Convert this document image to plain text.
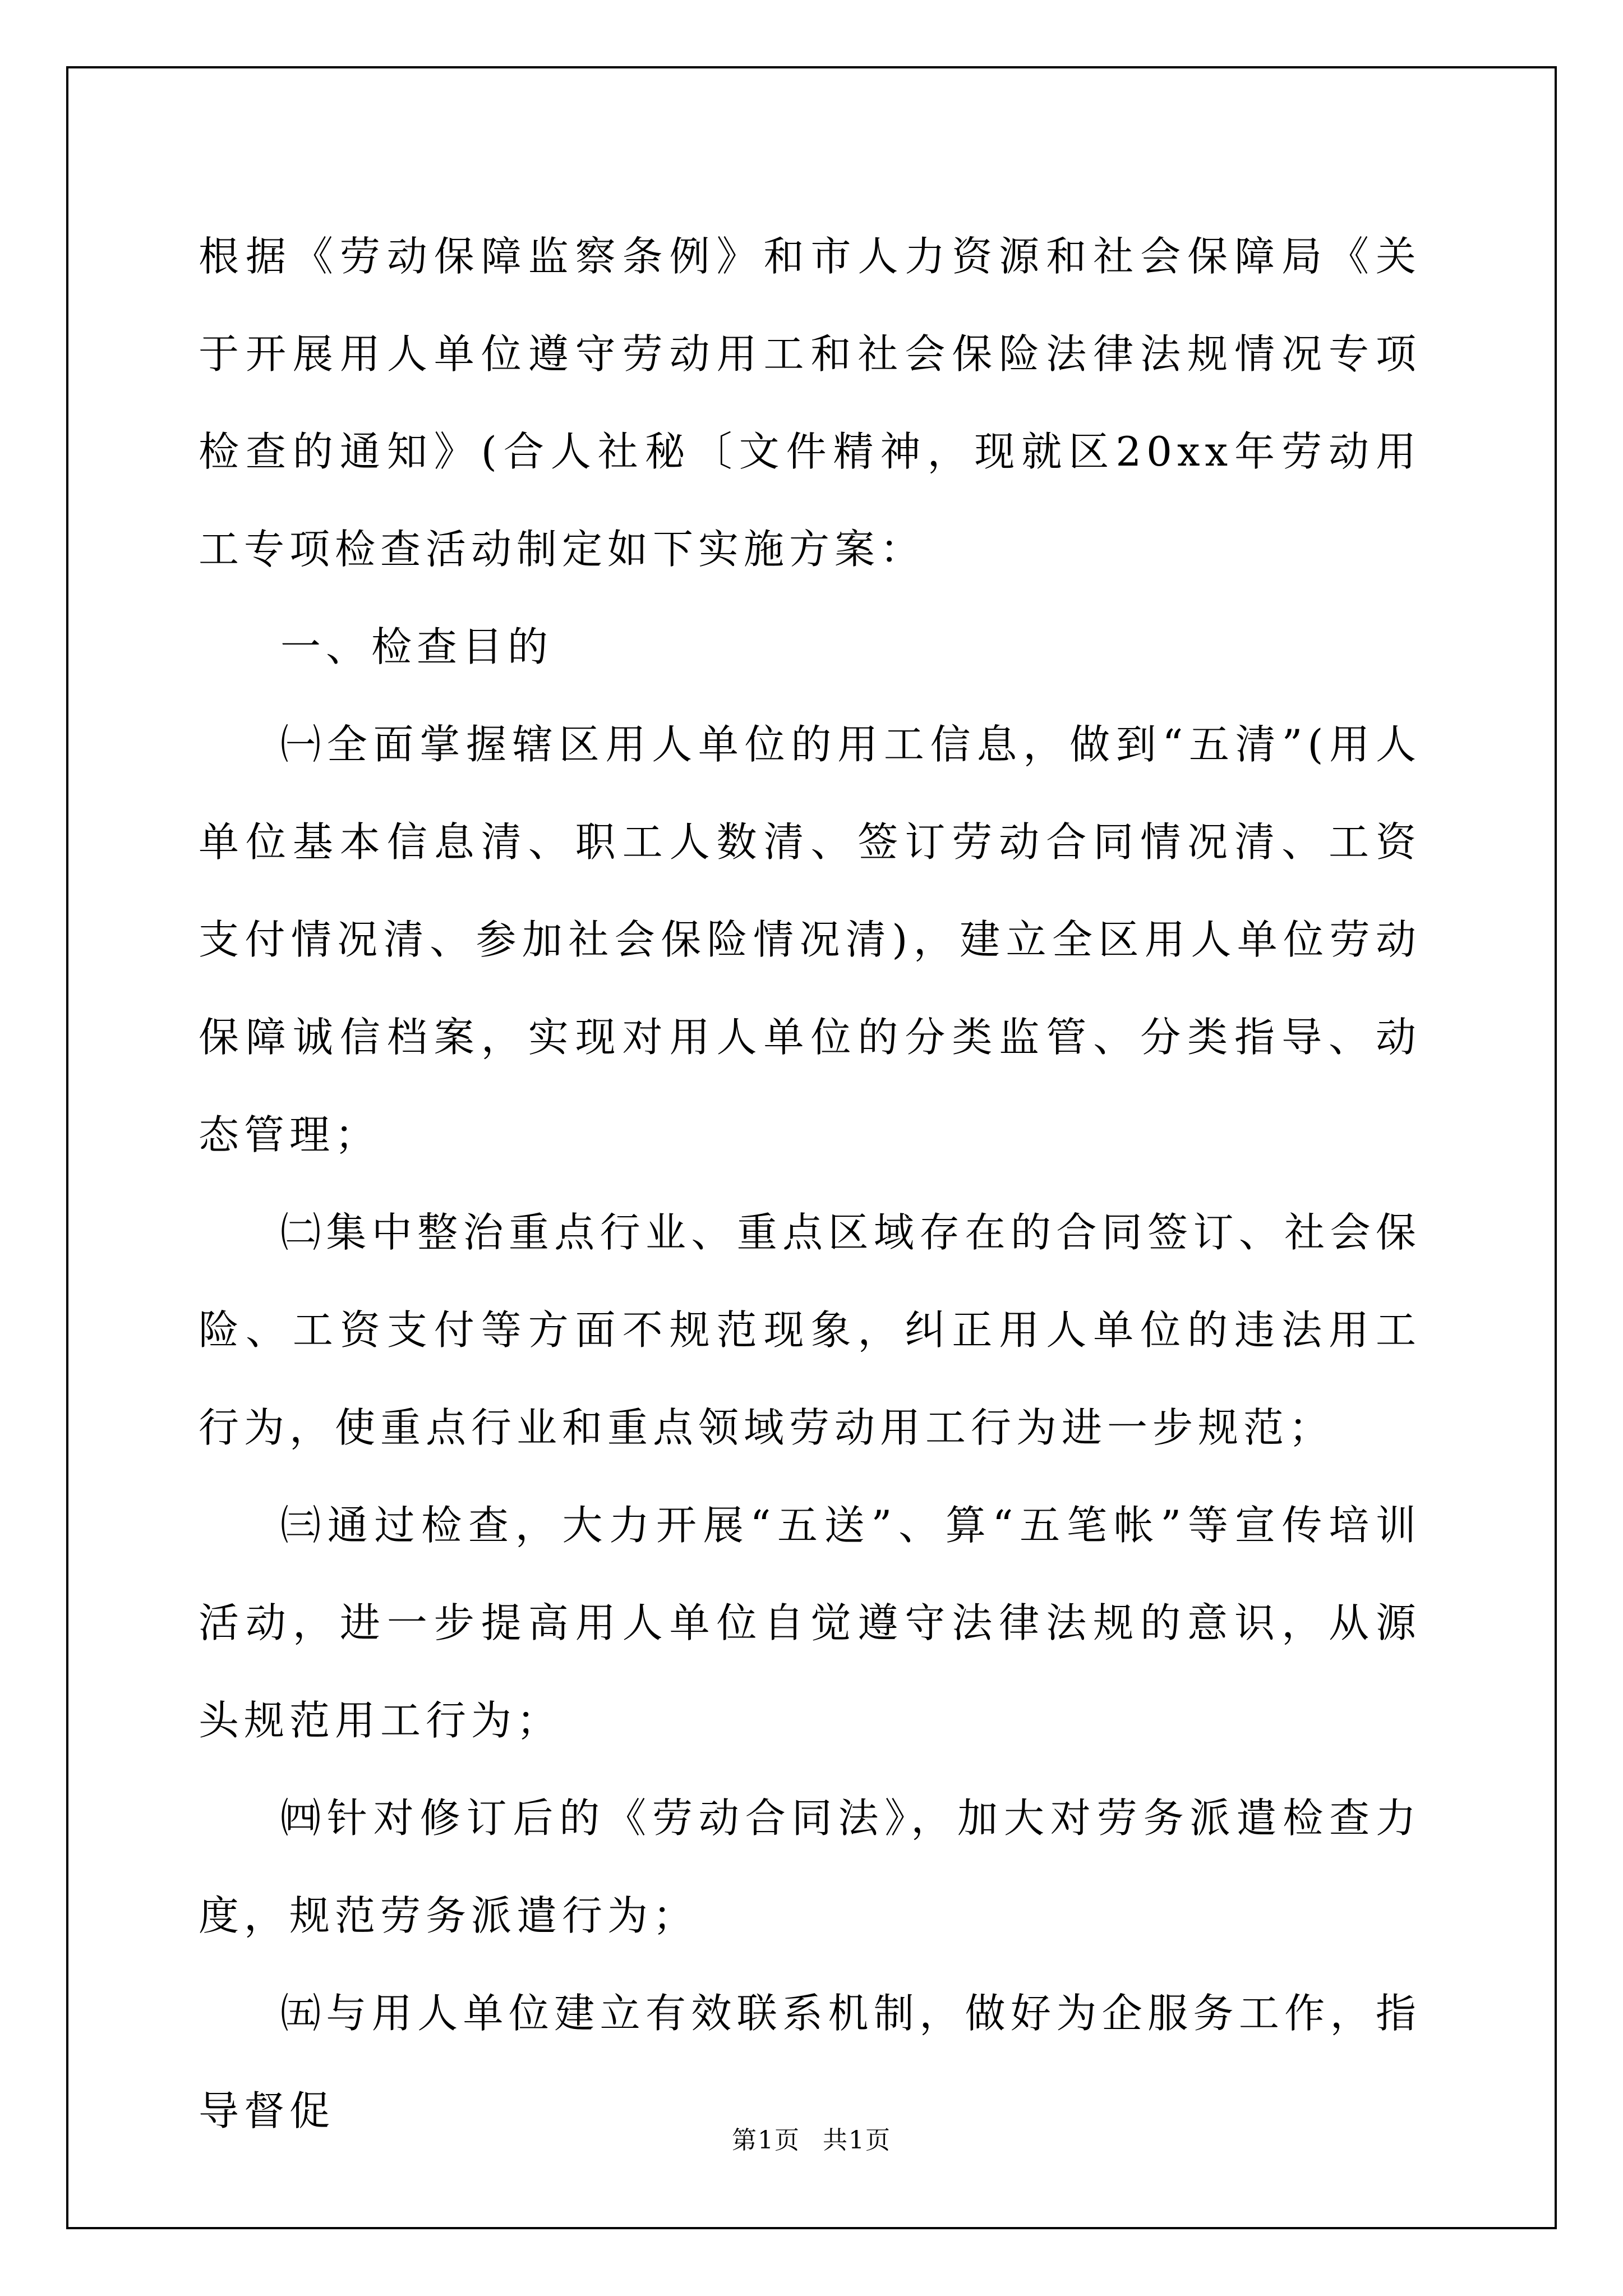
根据《劳动保障监察条例》和市人力资源和社会保障局《关于开展用人单位遵守劳动用工和社会保险法律法规情况专项检查的通知》(合人社秘〔文件精神，现就区20xx年劳动用工专项检查活动制定如下实施方案：

一、检查目的

㈠全面掌握辖区用人单位的用工信息，做到“五清”(用人单位基本信息清、职工人数清、签订劳动合同情况清、工资支付情况清、参加社会保险情况清)，建立全区用人单位劳动保障诚信档案，实现对用人单位的分类监管、分类指导、动态管理；

㈡集中整治重点行业、重点区域存在的合同签订、社会保险、工资支付等方面不规范现象，纠正用人单位的违法用工行为，使重点行业和重点领域劳动用工行为进一步规范；

㈢通过检查，大力开展“五送”、算“五笔帐”等宣传培训活动，进一步提高用人单位自觉遵守法律法规的意识，从源头规范用工行为；

㈣针对修订后的《劳动合同法》，加大对劳务派遣检查力度，规范劳务派遣行为；

㈤与用人单位建立有效联系机制，做好为企服务工作，指导督促

第1页 共1页
